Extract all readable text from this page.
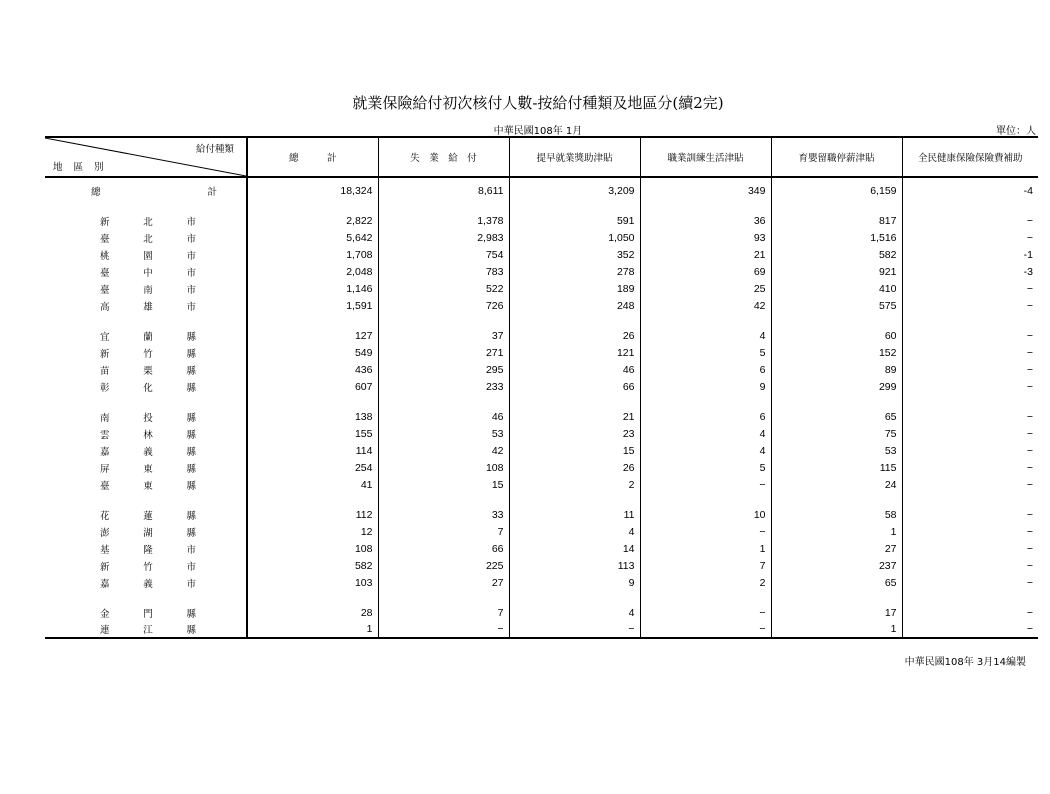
就業保險給付初次核付人數-按給付種類及地區分(續2完)
中華民國108年 1月	單位：人
給付種類
地區別	總　　　計	失　業　給　付	提早就業獎助津貼	職業訓練生活津貼	育嬰留職停薪津貼	全民健康保險保險費補助

總 計	18,324	8,611	3,209	349	6,159	-4

新 北 市	2,822	1,378	591	36	817	−

臺 北 市	5,642	2,983	1,050	93	1,516	−

桃 園 市	1,708	754	352	21	582	-1

臺 中 市	2,048	783	278	69	921	-3

臺 南 市	1,146	522	189	25	410	−

高 雄 市	1,591	726	248	42	575	−

宜 蘭 縣	127	37	26	4	60	−

新 竹 縣	549	271	121	5	152	−

苗 栗 縣	436	295	46	6	89	−

彰 化 縣	607	233	66	9	299	−

南 投 縣	138	46	21	6	65	−

雲 林 縣	155	53	23	4	75	−

嘉 義 縣	114	42	15	4	53	−

屏 東 縣	254	108	26	5	115	−

臺 東 縣	41	15	2	−	24	−

花 蓮 縣	112	33	11	10	58	−

澎 湖 縣	12	7	4	−	1	−

基 隆 市	108	66	14	1	27	−

新 竹 市	582	225	113	7	237	−

嘉 義 市	103	27	9	2	65	−

金 門 縣	28	7	4	−	17	−

連 江 縣	1	−	−	−	1	−
中華民國108年 3月14編製
